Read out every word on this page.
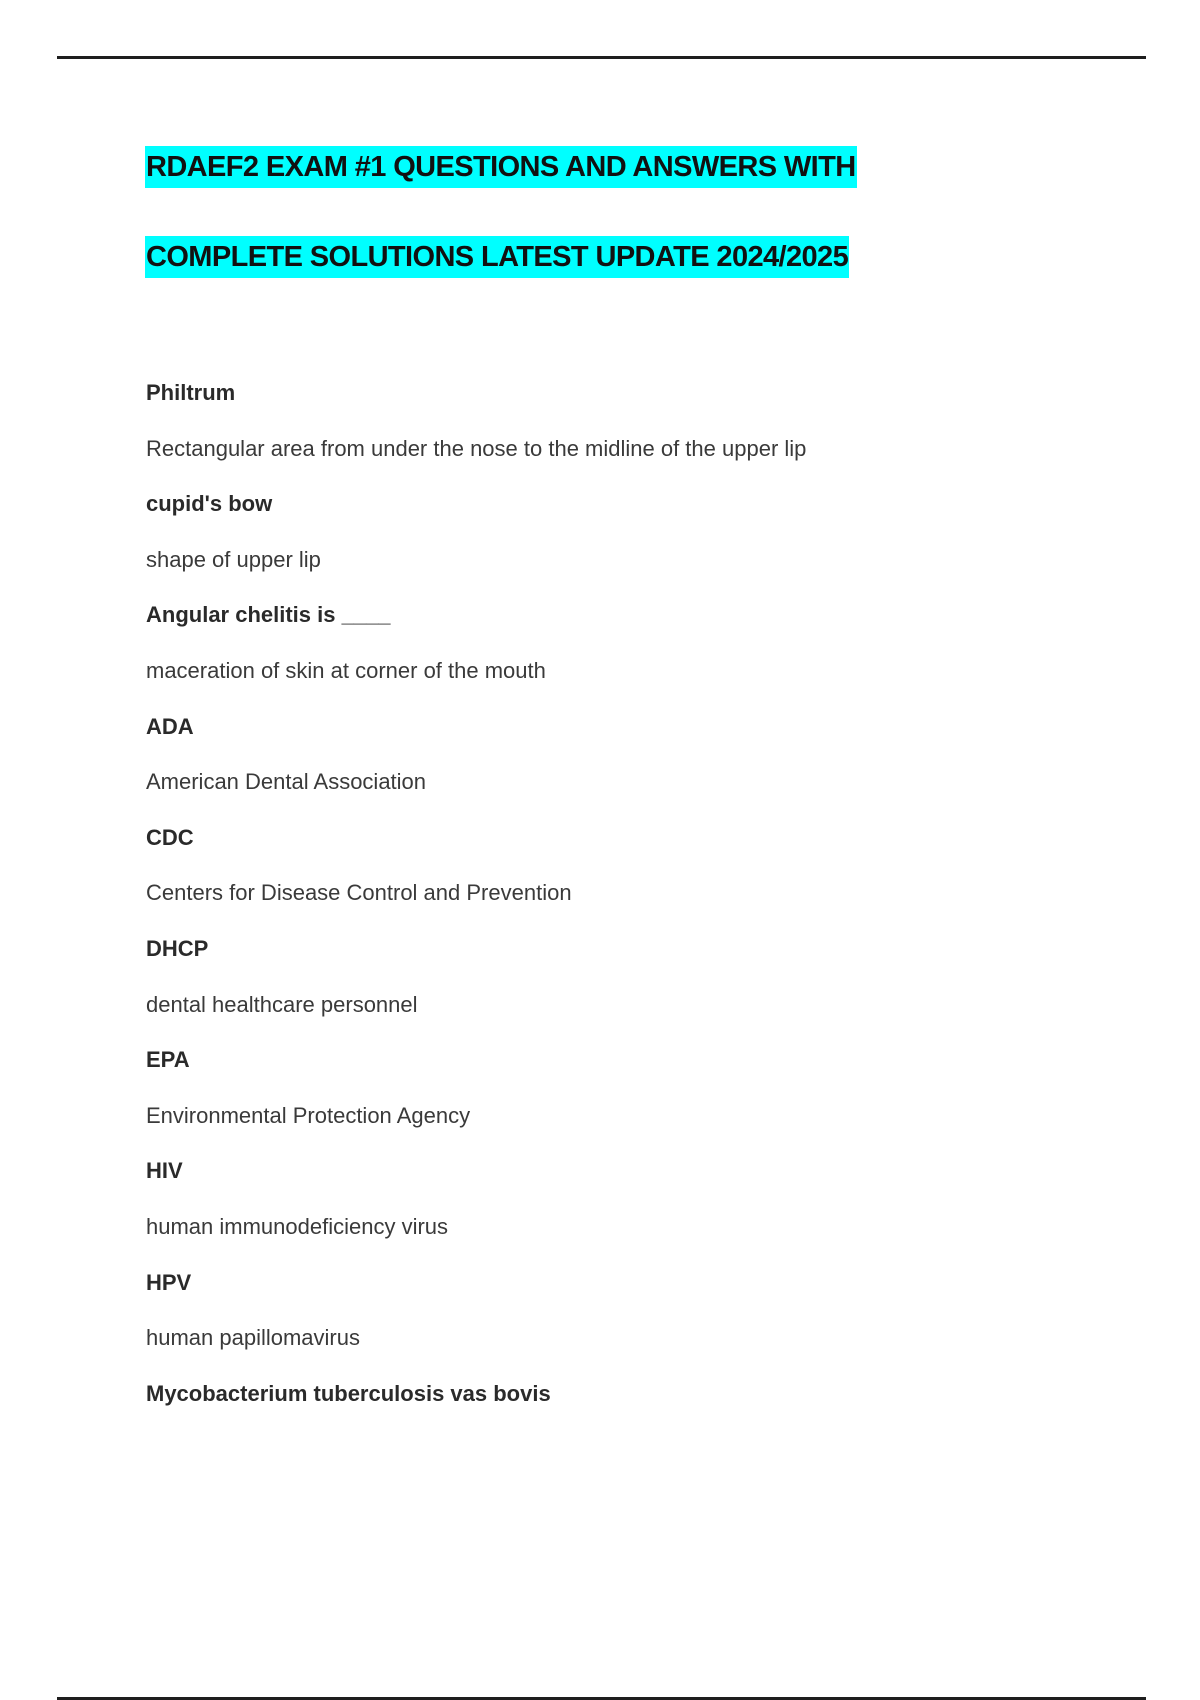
RDAEF2 EXAM #1 QUESTIONS AND ANSWERS WITH
COMPLETE SOLUTIONS LATEST UPDATE 2024/2025
Philtrum
Rectangular area from under the nose to the midline of the upper lip
cupid's bow
shape of upper lip
Angular chelitis is ____
maceration of skin at corner of the mouth
ADA
American Dental Association
CDC
Centers for Disease Control and Prevention
DHCP
dental healthcare personnel
EPA
Environmental Protection Agency
HIV
human immunodeficiency virus
HPV
human papillomavirus
Mycobacterium tuberculosis vas bovis
